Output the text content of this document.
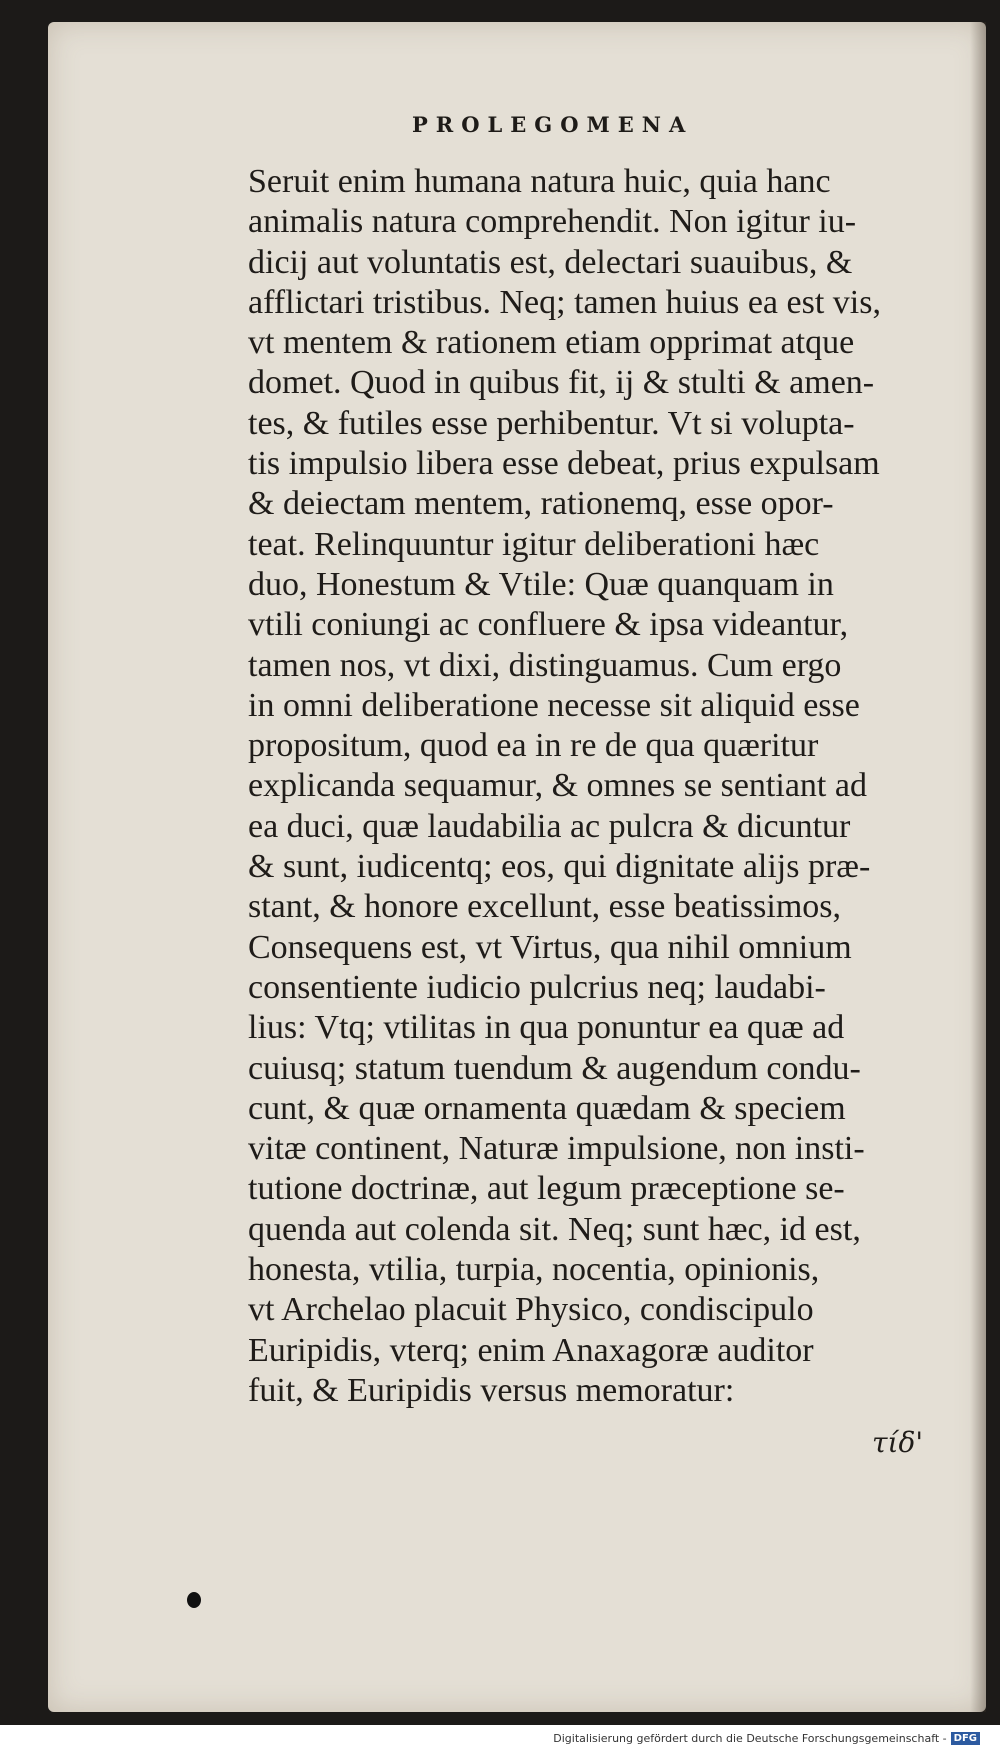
PROLEGOMENA
Seruit enim humana natura huic, quia hanc
animalis natura comprehendit. Non igitur iu-
dicij aut voluntatis est, delectari suauibus, &
afflictari tristibus. Neq; tamen huius ea est vis,
vt mentem & rationem etiam opprimat atque
domet. Quod in quibus fit, ij & stulti & amen-
tes, & futiles esse perhibentur. Vt si volupta-
tis impulsio libera esse debeat, prius expulsam
& deiectam mentem, rationemq, esse opor-
teat. Relinquuntur igitur deliberationi hæc
duo, Honestum & Vtile: Quæ quanquam in
vtili coniungi ac confluere & ipsa videantur,
tamen nos, vt dixi, distinguamus. Cum ergo
in omni deliberatione necesse sit aliquid esse
propositum, quod ea in re de qua quæritur
explicanda sequamur, & omnes se sentiant ad
ea duci, quæ laudabilia ac pulcra & dicuntur
& sunt, iudicentq; eos, qui dignitate alijs præ-
stant, & honore excellunt, esse beatissimos,
Consequens est, vt Virtus, qua nihil omnium
consentiente iudicio pulcrius neq; laudabi-
lius: Vtq; vtilitas in qua ponuntur ea quæ ad
cuiusq; statum tuendum & augendum condu-
cunt, & quæ ornamenta quædam & speciem
vitæ continent, Naturæ impulsione, non insti-
tutione doctrinæ, aut legum præceptione se-
quenda aut colenda sit. Neq; sunt hæc, id est,
honesta, vtilia, turpia, nocentia, opinionis,
vt Archelao placuit Physico, condiscipulo
Euripidis, vterq; enim Anaxagoræ auditor
fuit, & Euripidis versus memoratur:
τίδ'
Digitalisierung gefördert durch die Deutsche Forschungsgemeinschaft - DFG
